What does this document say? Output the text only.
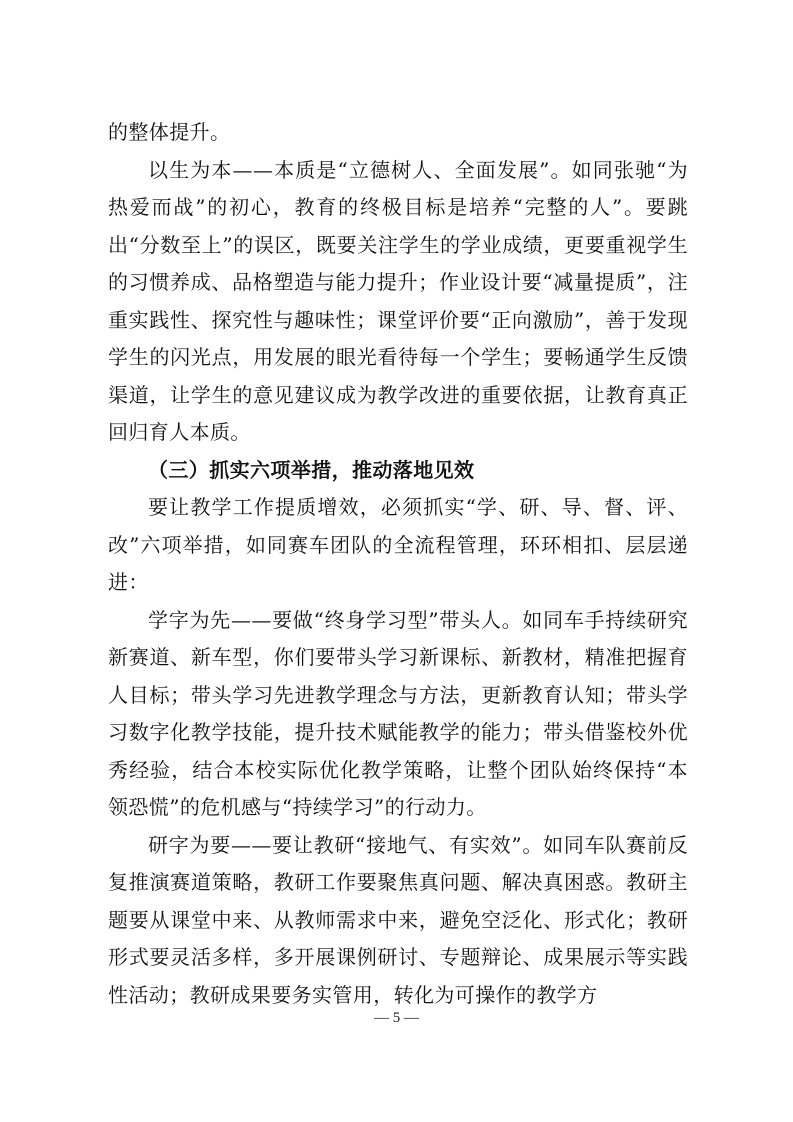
的整体提升。

以生为本——本质是“立德树人、全面发展”。如同张驰“为热爱而战”的初心，教育的终极目标是培养“完整的人”。要跳出“分数至上”的误区，既要关注学生的学业成绩，更要重视学生的习惯养成、品格塑造与能力提升；作业设计要“减量提质”，注重实践性、探究性与趣味性；课堂评价要“正向激励”，善于发现学生的闪光点，用发展的眼光看待每一个学生；要畅通学生反馈渠道，让学生的意见建议成为教学改进的重要依据，让教育真正回归育人本质。

（三）抓实六项举措，推动落地见效

要让教学工作提质增效，必须抓实“学、研、导、督、评、改”六项举措，如同赛车团队的全流程管理，环环相扣、层层递进：

学字为先——要做“终身学习型”带头人。如同车手持续研究新赛道、新车型，你们要带头学习新课标、新教材，精准把握育人目标；带头学习先进教学理念与方法，更新教育认知；带头学习数字化教学技能，提升技术赋能教学的能力；带头借鉴校外优秀经验，结合本校实际优化教学策略，让整个团队始终保持“本领恐慌”的危机感与“持续学习”的行动力。

研字为要——要让教研“接地气、有实效”。如同车队赛前反复推演赛道策略，教研工作要聚焦真问题、解决真困惑。教研主题要从课堂中来、从教师需求中来，避免空泛化、形式化；教研形式要灵活多样，多开展课例研讨、专题辩论、成果展示等实践性活动；教研成果要务实管用，转化为可操作的教学方

— 5 —
